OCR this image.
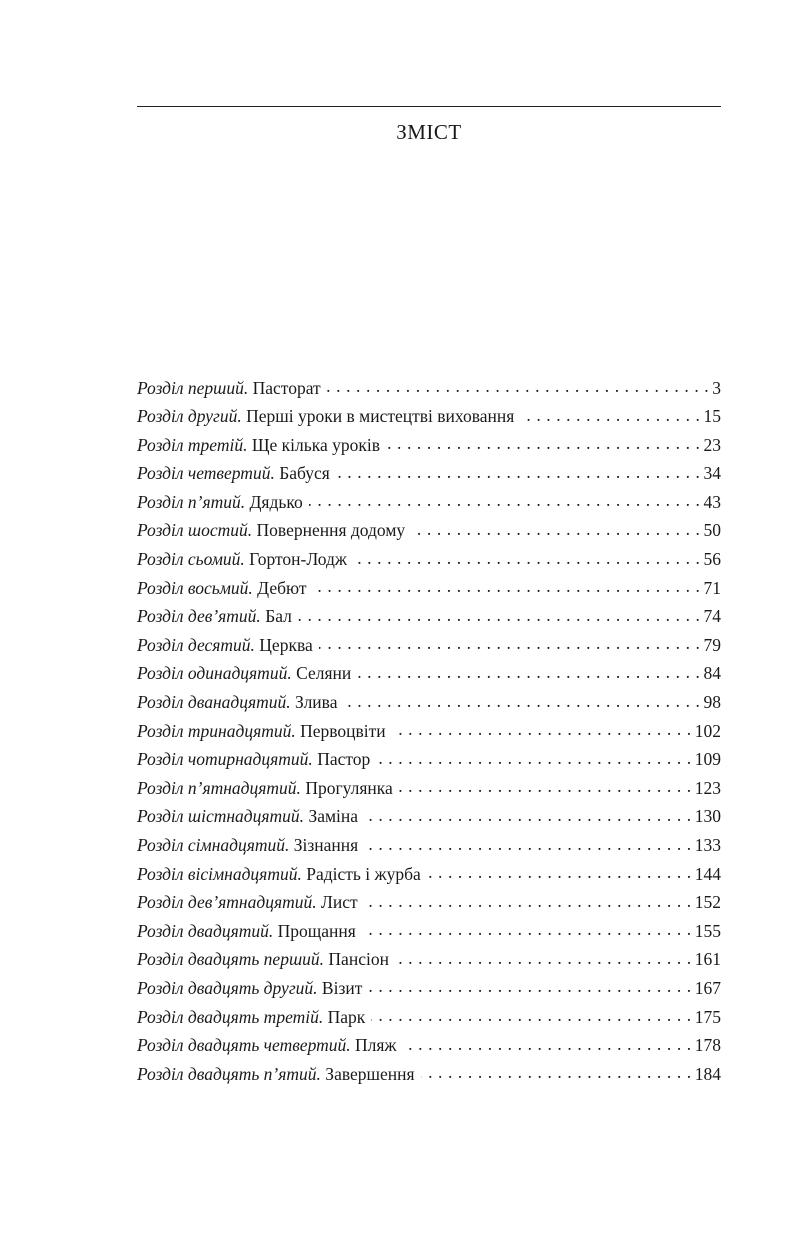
ЗМІСТ
Розділ перший. Пасторат . . .	3
Розділ другий. Перші уроки в мистецтві виховання . . .	15
Розділ третій. Ще кілька уроків . . .	23
Розділ четвертий. Бабуся . . .	34
Розділ п’ятий. Дядько . . .	43
Розділ шостий. Повернення додому . . .	50
Розділ сьомий. Гортон-Лодж . . .	56
Розділ восьмий. Дебют . . .	71
Розділ дев’ятий. Бал . . .	74
Розділ десятий. Церква . . .	79
Розділ одинадцятий. Селяни . . .	84
Розділ дванадцятий. Злива . . .	98
Розділ тринадцятий. Первоцвіти . . .	102
Розділ чотирнадцятий. Пастор . . .	109
Розділ п’ятнадцятий. Прогулянка . . .	123
Розділ шістнадцятий. Заміна . . .	130
Розділ сімнадцятий. Зізнання . . .	133
Розділ вісімнадцятий. Радість і журба . . .	144
Розділ дев’ятнадцятий. Лист . . .	152
Розділ двадцятий. Прощання . . .	155
Розділ двадцять перший. Пансіон . . .	161
Розділ двадцять другий. Візит . . .	167
Розділ двадцять третій. Парк . . .	175
Розділ двадцять четвертий. Пляж . . .	178
Розділ двадцять п’ятий. Завершення . . .	184
